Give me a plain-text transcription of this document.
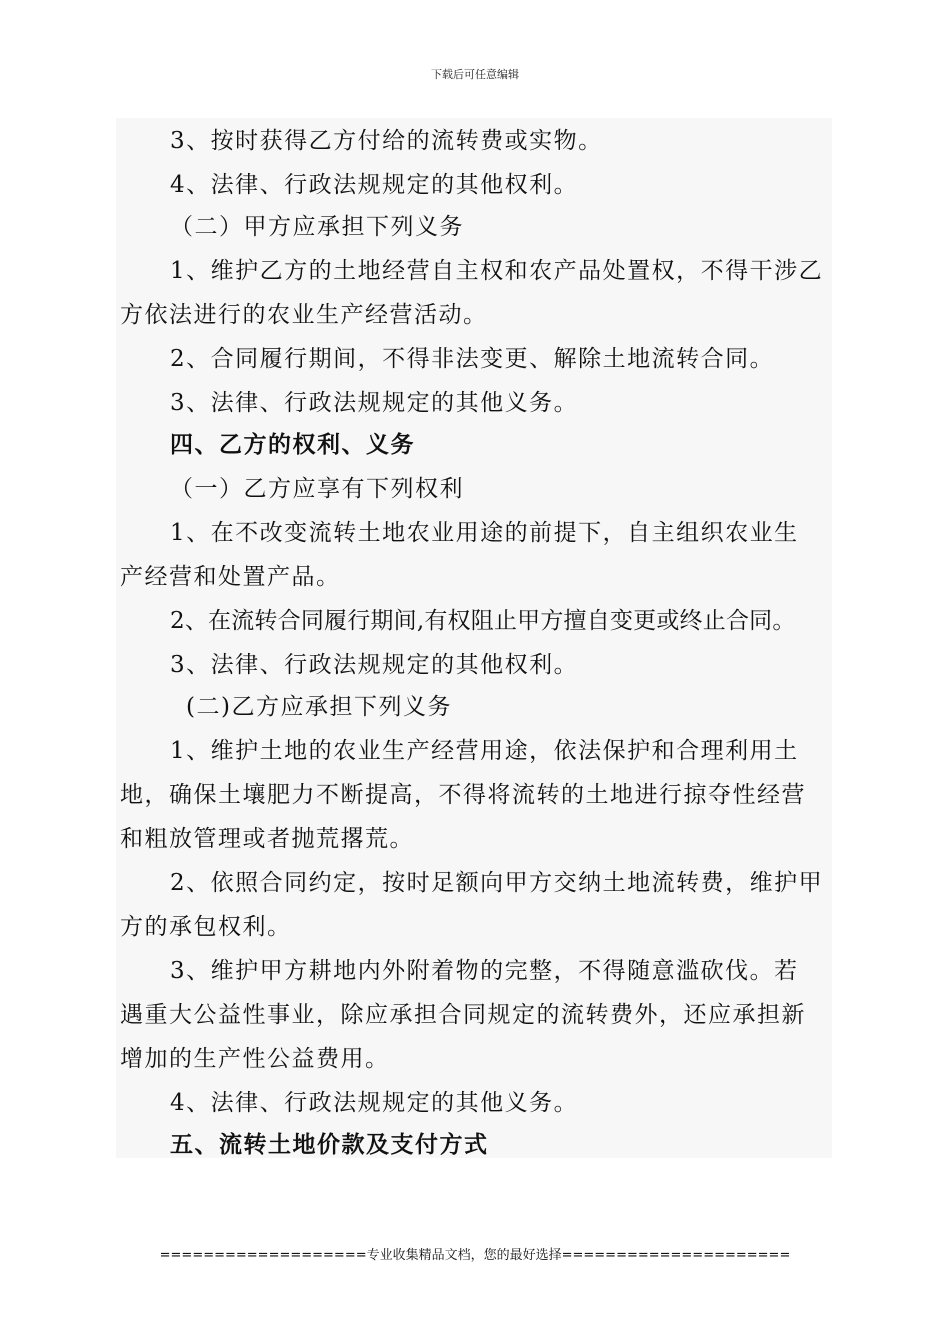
下载后可任意编辑
3、按时获得乙方付给的流转费或实物。
4、法律、行政法规规定的其他权利。
（二）甲方应承担下列义务
1、维护乙方的土地经营自主权和农产品处置权，不得干涉乙
方依法进行的农业生产经营活动。
2、合同履行期间，不得非法变更、解除土地流转合同。
3、法律、行政法规规定的其他义务。
四、乙方的权利、义务
（一）乙方应享有下列权利
1、在不改变流转土地农业用途的前提下，自主组织农业生
产经营和处置产品。
2、在流转合同履行期间,有权阻止甲方擅自变更或终止合同。
3、法律、行政法规规定的其他权利。
(二)乙方应承担下列义务
1、维护土地的农业生产经营用途，依法保护和合理利用土
地，确保土壤肥力不断提高，不得将流转的土地进行掠夺性经营
和粗放管理或者抛荒撂荒。
2、依照合同约定，按时足额向甲方交纳土地流转费，维护甲
方的承包权利。
3、维护甲方耕地内外附着物的完整，不得随意滥砍伐。若
遇重大公益性事业，除应承担合同规定的流转费外，还应承担新
增加的生产性公益费用。
4、法律、行政法规规定的其他义务。
五、流转土地价款及支付方式
===================专业收集精品文档，您的最好选择=====================
